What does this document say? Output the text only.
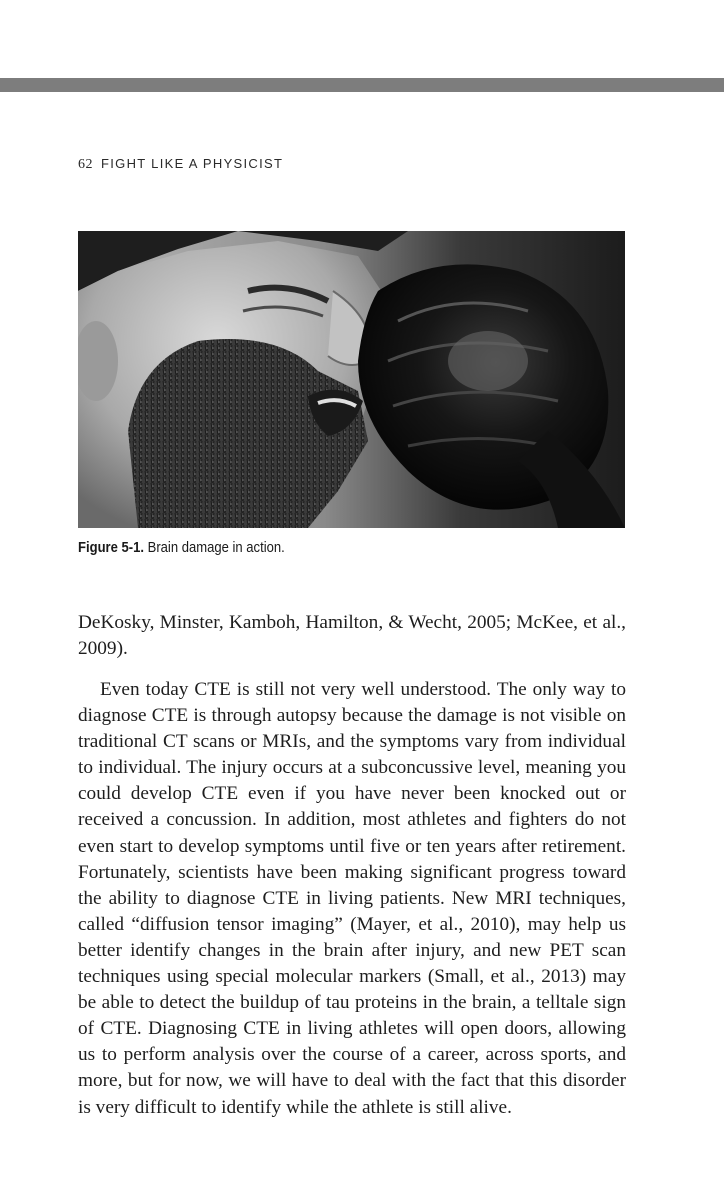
62 FIGHT LIKE A PHYSICIST
Figure 5-1. Brain damage in action.

DeKosky, Minster, Kamboh, Hamilton, & Wecht, 2005; McKee, et al., 2009).

Even today CTE is still not very well understood. The only way to diagnose CTE is through autopsy because the damage is not visible on traditional CT scans or MRIs, and the symptoms vary from individual to individual. The injury occurs at a subconcussive level, meaning you could develop CTE even if you have never been knocked out or received a concussion. In addition, most athletes and fighters do not even start to develop symptoms until five or ten years after retirement. Fortunately, scientists have been making significant progress toward the ability to diagnose CTE in living patients. New MRI techniques, called “diffusion tensor imaging” (Mayer, et al., 2010), may help us better identify changes in the brain after injury, and new PET scan techniques using special molecular markers (Small, et al., 2013) may be able to detect the buildup of tau proteins in the brain, a telltale sign of CTE. Diagnosing CTE in living athletes will open doors, allowing us to perform analysis over the course of a career, across sports, and more, but for now, we will have to deal with the fact that this disorder is very difficult to identify while the athlete is still alive.
